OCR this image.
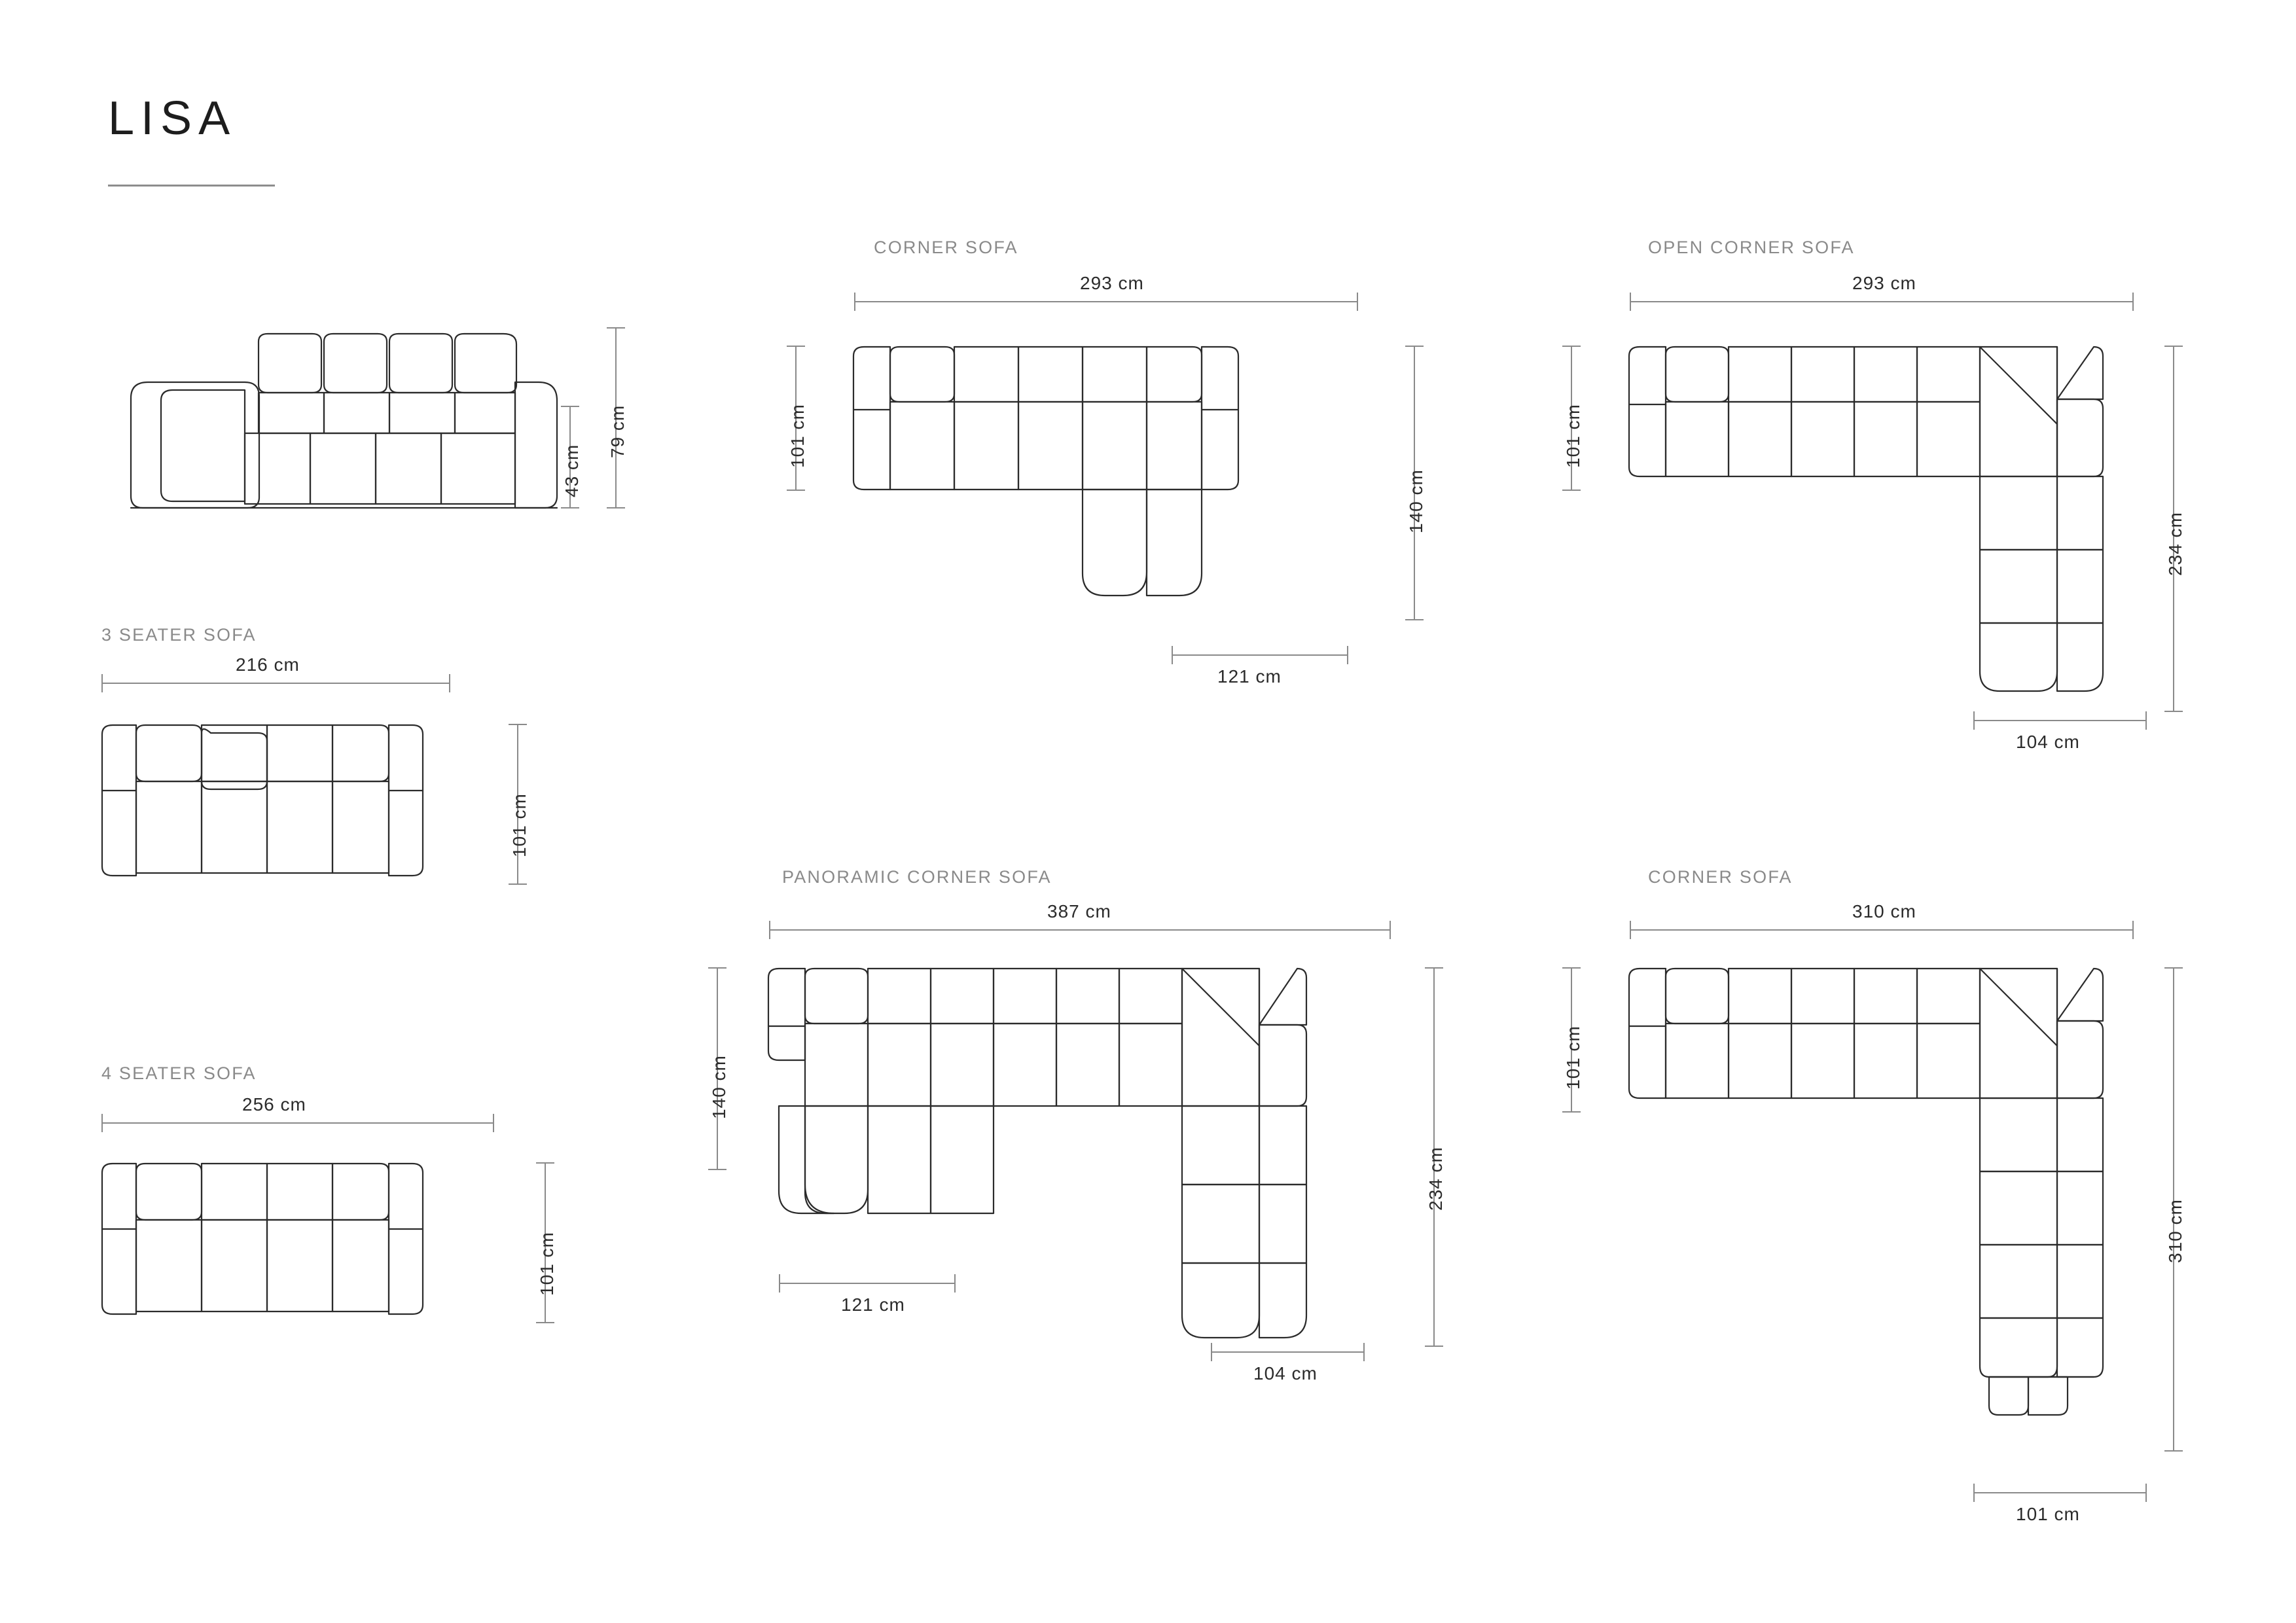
LISA
79 cm
43 cm
3 SEATER SOFA
216 cm
101 cm
4 SEATER SOFA
256 cm
101 cm
CORNER SOFA
293 cm
101 cm
140 cm
121 cm
PANORAMIC CORNER SOFA
387 cm
140 cm
234 cm
121 cm
104 cm
OPEN CORNER SOFA
293 cm
101 cm
234 cm
104 cm
CORNER SOFA
310 cm
101 cm
310 cm
101 cm
